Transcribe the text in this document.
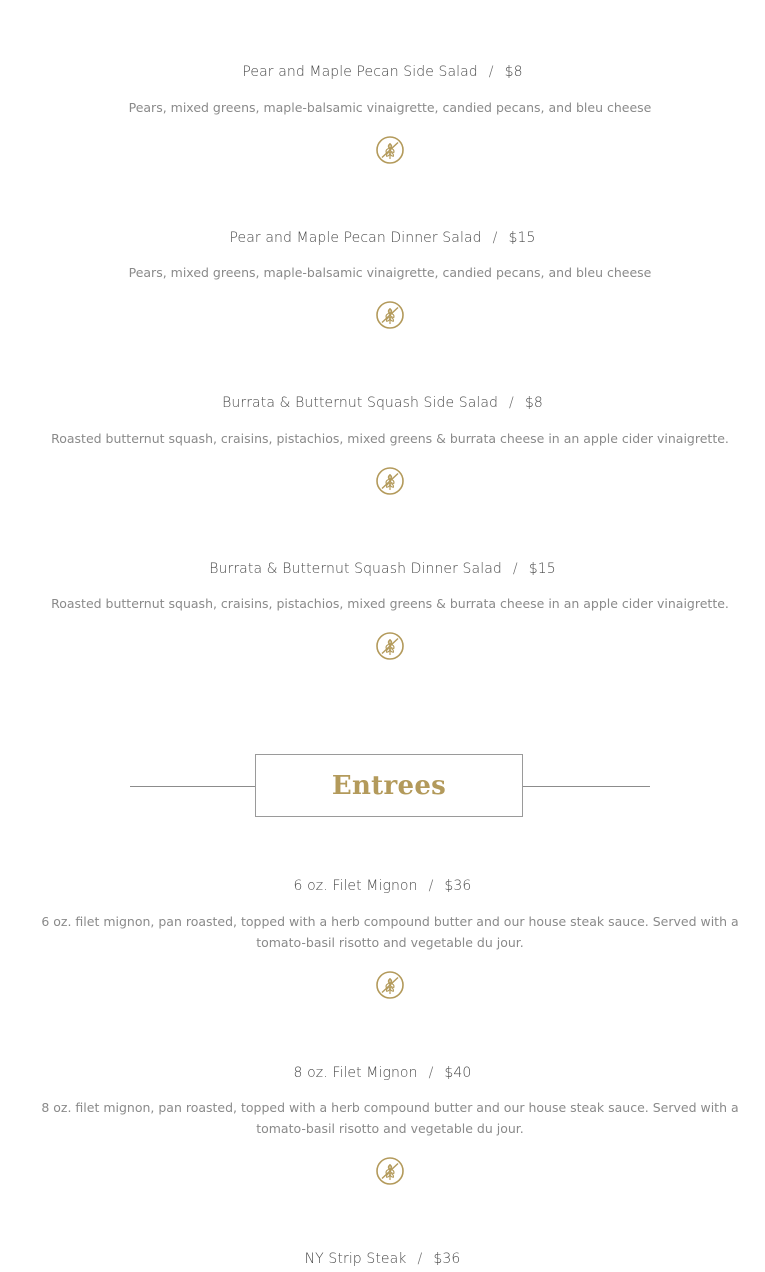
Pear and Maple Pecan Side Salad / $8
Pears, mixed greens, maple-balsamic vinaigrette, candied pecans, and bleu cheese
Pear and Maple Pecan Dinner Salad / $15
Pears, mixed greens, maple-balsamic vinaigrette, candied pecans, and bleu cheese
Burrata & Butternut Squash Side Salad / $8
Roasted butternut squash, craisins, pistachios, mixed greens & burrata cheese in an apple cider vinaigrette.
Burrata & Butternut Squash Dinner Salad / $15
Roasted butternut squash, craisins, pistachios, mixed greens & burrata cheese in an apple cider vinaigrette.
Entrees
6 oz. Filet Mignon / $36
6 oz. filet mignon, pan roasted, topped with a herb compound butter and our house steak sauce. Served with a tomato-basil risotto and vegetable du jour.
8 oz. Filet Mignon / $40
8 oz. filet mignon, pan roasted, topped with a herb compound butter and our house steak sauce. Served with a tomato-basil risotto and vegetable du jour.
NY Strip Steak / $36
